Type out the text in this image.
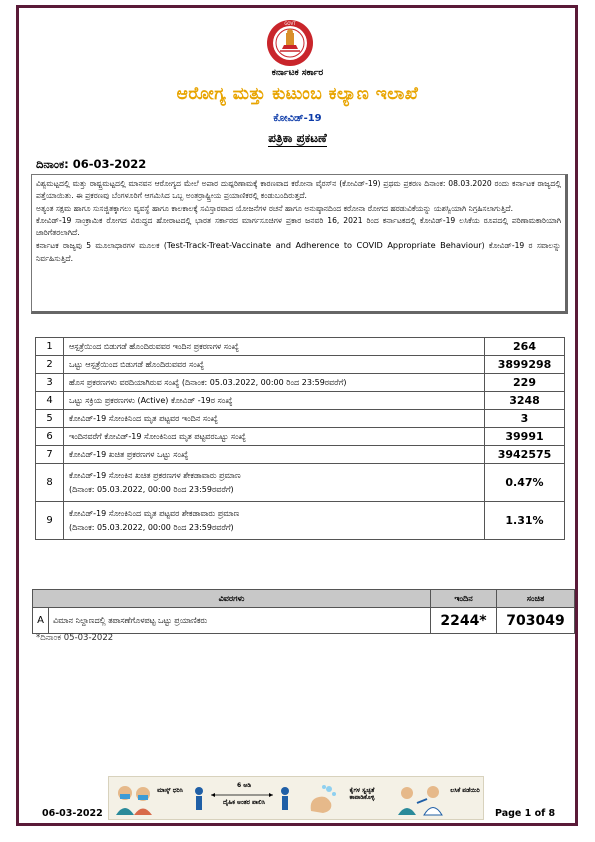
GOVT
ಕರ್ನಾಟಕ ಸರ್ಕಾರ
ಆರೋಗ್ಯ ಮತ್ತು ಕುಟುಂಬ ಕಲ್ಯಾಣ ಇಲಾಖೆ
ಕೋವಿಡ್-19
ಪತ್ರಿಕಾ ಪ್ರಕಟಣೆ
ದಿನಾಂಕ: 06-03-2022

ವಿಶ್ವಮಟ್ಟದಲ್ಲಿ ಮತ್ತು ರಾಷ್ಟ್ರಮಟ್ಟದಲ್ಲಿ ಮಾನವನ ಆರೋಗ್ಯದ ಮೇಲೆ ಅಪಾರ ದುಷ್ಪರಿಣಾಮಕ್ಕೆ ಕಾರಣವಾದ ಕರೋನಾ ವೈರಸ್‌ನ (ಕೋವಿಡ್-19) ಪ್ರಥಮ ಪ್ರಕರಣ ದಿನಾಂಕ: 08.03.2020 ರಂದು ಕರ್ನಾಟಕ ರಾಜ್ಯದಲ್ಲಿ ಪತ್ತೆಯಾಯಿತು. ಈ ಪ್ರಕರಣವು ಬೆಂಗಳೂರಿಗೆ ಆಗಮಿಸಿದ ಒಬ್ಬ ಅಂತರ್ರಾಷ್ಟ್ರೀಯ ಪ್ರಯಾಣಿಕರಲ್ಲಿ ಕಂಡುಬಂದಿರುತ್ತದೆ.

ಅತ್ಯಂತ ಸಕ್ಷಮ ಹಾಗೂ ಸುಸಜ್ಜಿತಕ್ಕಾಗಲು ವ್ಯವಸ್ಥೆ ಹಾಗೂ ಕಾಲಕಾಲಕ್ಕೆ ಸವಿಸ್ತಾರವಾದ ಯೋಜನೆಗಳ ರಚನೆ ಹಾಗೂ ಅನುಷ್ಠಾನದಿಂದ ಕರೋನಾ ರೋಗದ ಹರಡುವಿಕೆಯನ್ನು ಯಶಸ್ವಿಯಾಗಿ ನಿಗ್ರಹಿಸಲಾಗುತ್ತಿದೆ.

ಕೋವಿಡ್-19 ಸಾಂಕ್ರಾಮಿಕ ರೋಗದ ವಿರುದ್ಧದ ಹೋರಾಟದಲ್ಲಿ ಭಾರತ ಸರ್ಕಾರದ ಮಾರ್ಗಸೂಚಿಗಳ ಪ್ರಕಾರ ಜನವರಿ 16, 2021 ರಿಂದ ಕರ್ನಾಟಕದಲ್ಲಿ ಕೋವಿಡ್-19 ಲಸಿಕೆಯ ರೂಪದಲ್ಲಿ ಪರಿಣಾಮಕಾರಿಯಾಗಿ ಜಾರಿಗೆತರಲಾಗಿದೆ.

ಕರ್ನಾಟಕ ರಾಜ್ಯವು 5 ಮೂಲಾಧಾರಗಳ ಮೂಲಕ (Test-Track-Treat-Vaccinate and Adherence to COVID Appropriate Behaviour) ಕೋವಿಡ್-19 ರ ಸವಾಲನ್ನು ನಿರ್ವಹಿಸುತ್ತಿದೆ.

1	ಆಸ್ಪತ್ರೆಯಿಂದ ಬಿಡುಗಡೆ ಹೊಂದಿರುವವರ ಇಂದಿನ ಪ್ರಕರಣಗಳ ಸಂಖ್ಯೆ	264
2	ಒಟ್ಟು ಆಸ್ಪತ್ರೆಯಿಂದ ಬಿಡುಗಡೆ ಹೊಂದಿರುವವರ ಸಂಖ್ಯೆ	3899298
3	ಹೊಸ ಪ್ರಕರಣಗಳು ವರದಿಯಾಗಿರುವ ಸಂಖ್ಯೆ (ದಿನಾಂಕ: 05.03.2022, 00:00 ರಿಂದ 23:59ರವರೆಗೆ)	229
4	ಒಟ್ಟು ಸಕ್ರಿಯ ಪ್ರಕರಣಗಳು (Active) ಕೋವಿಡ್ -19ರ ಸಂಖ್ಯೆ	3248
5	ಕೋವಿಡ್-19 ಸೋಂಕಿನಿಂದ ಮೃತ ಪಟ್ಟವರ ಇಂದಿನ ಸಂಖ್ಯೆ	3
6	ಇಂದಿನವರೆಗೆ ಕೋವಿಡ್-19 ಸೋಂಕಿನಿಂದ ಮೃತ ಪಟ್ಟವರಒಟ್ಟು ಸಂಖ್ಯೆ	39991
7	ಕೋವಿಡ್-19 ಖಚಿತ ಪ್ರಕರಣಗಳ ಒಟ್ಟು ಸಂಖ್ಯೆ	3942575
8	ಕೋವಿಡ್-19 ಸೋಂಕಿನ ಖಚಿತ ಪ್ರಕರಣಗಳ ಶೇಕಡಾವಾರು ಪ್ರಮಾಣ
(ದಿನಾಂಕ: 05.03.2022, 00:00 ರಿಂದ 23:59ರವರೆಗೆ)	0.47%
9	ಕೋವಿಡ್-19 ಸೋಂಕಿನಿಂದ ಮೃತ ಪಟ್ಟವರ ಶೇಕಡಾವಾರು ಪ್ರಮಾಣ
(ದಿನಾಂಕ: 05.03.2022, 00:00 ರಿಂದ 23:59ರವರೆಗೆ)	1.31%
ವಿವರಗಳು		ಇಂದಿನ	ಸಂಚಿತ
A	ವಿಮಾನ ನಿಲ್ದಾಣದಲ್ಲಿ ತಪಾಸಣೆಗೊಳಪಟ್ಟ ಒಟ್ಟು ಪ್ರಯಾಣಿಕರು	2244*	703049
*ದಿನಾಂಕ 05-03-2022
ಮಾಸ್ಕ್ ಧರಿಸಿ
6 ಅಡಿ
ದೈಹಿಕ ಅಂತರ ಪಾಲಿಸಿ
ಕೈಗಳ ಸ್ವಚ್ಛತೆ ಕಾಪಾಡಿಕೊಳ್ಳಿ
ಲಸಿಕೆ ಪಡೆಯಿರಿ
06-03-2022	Page 1 of 8
